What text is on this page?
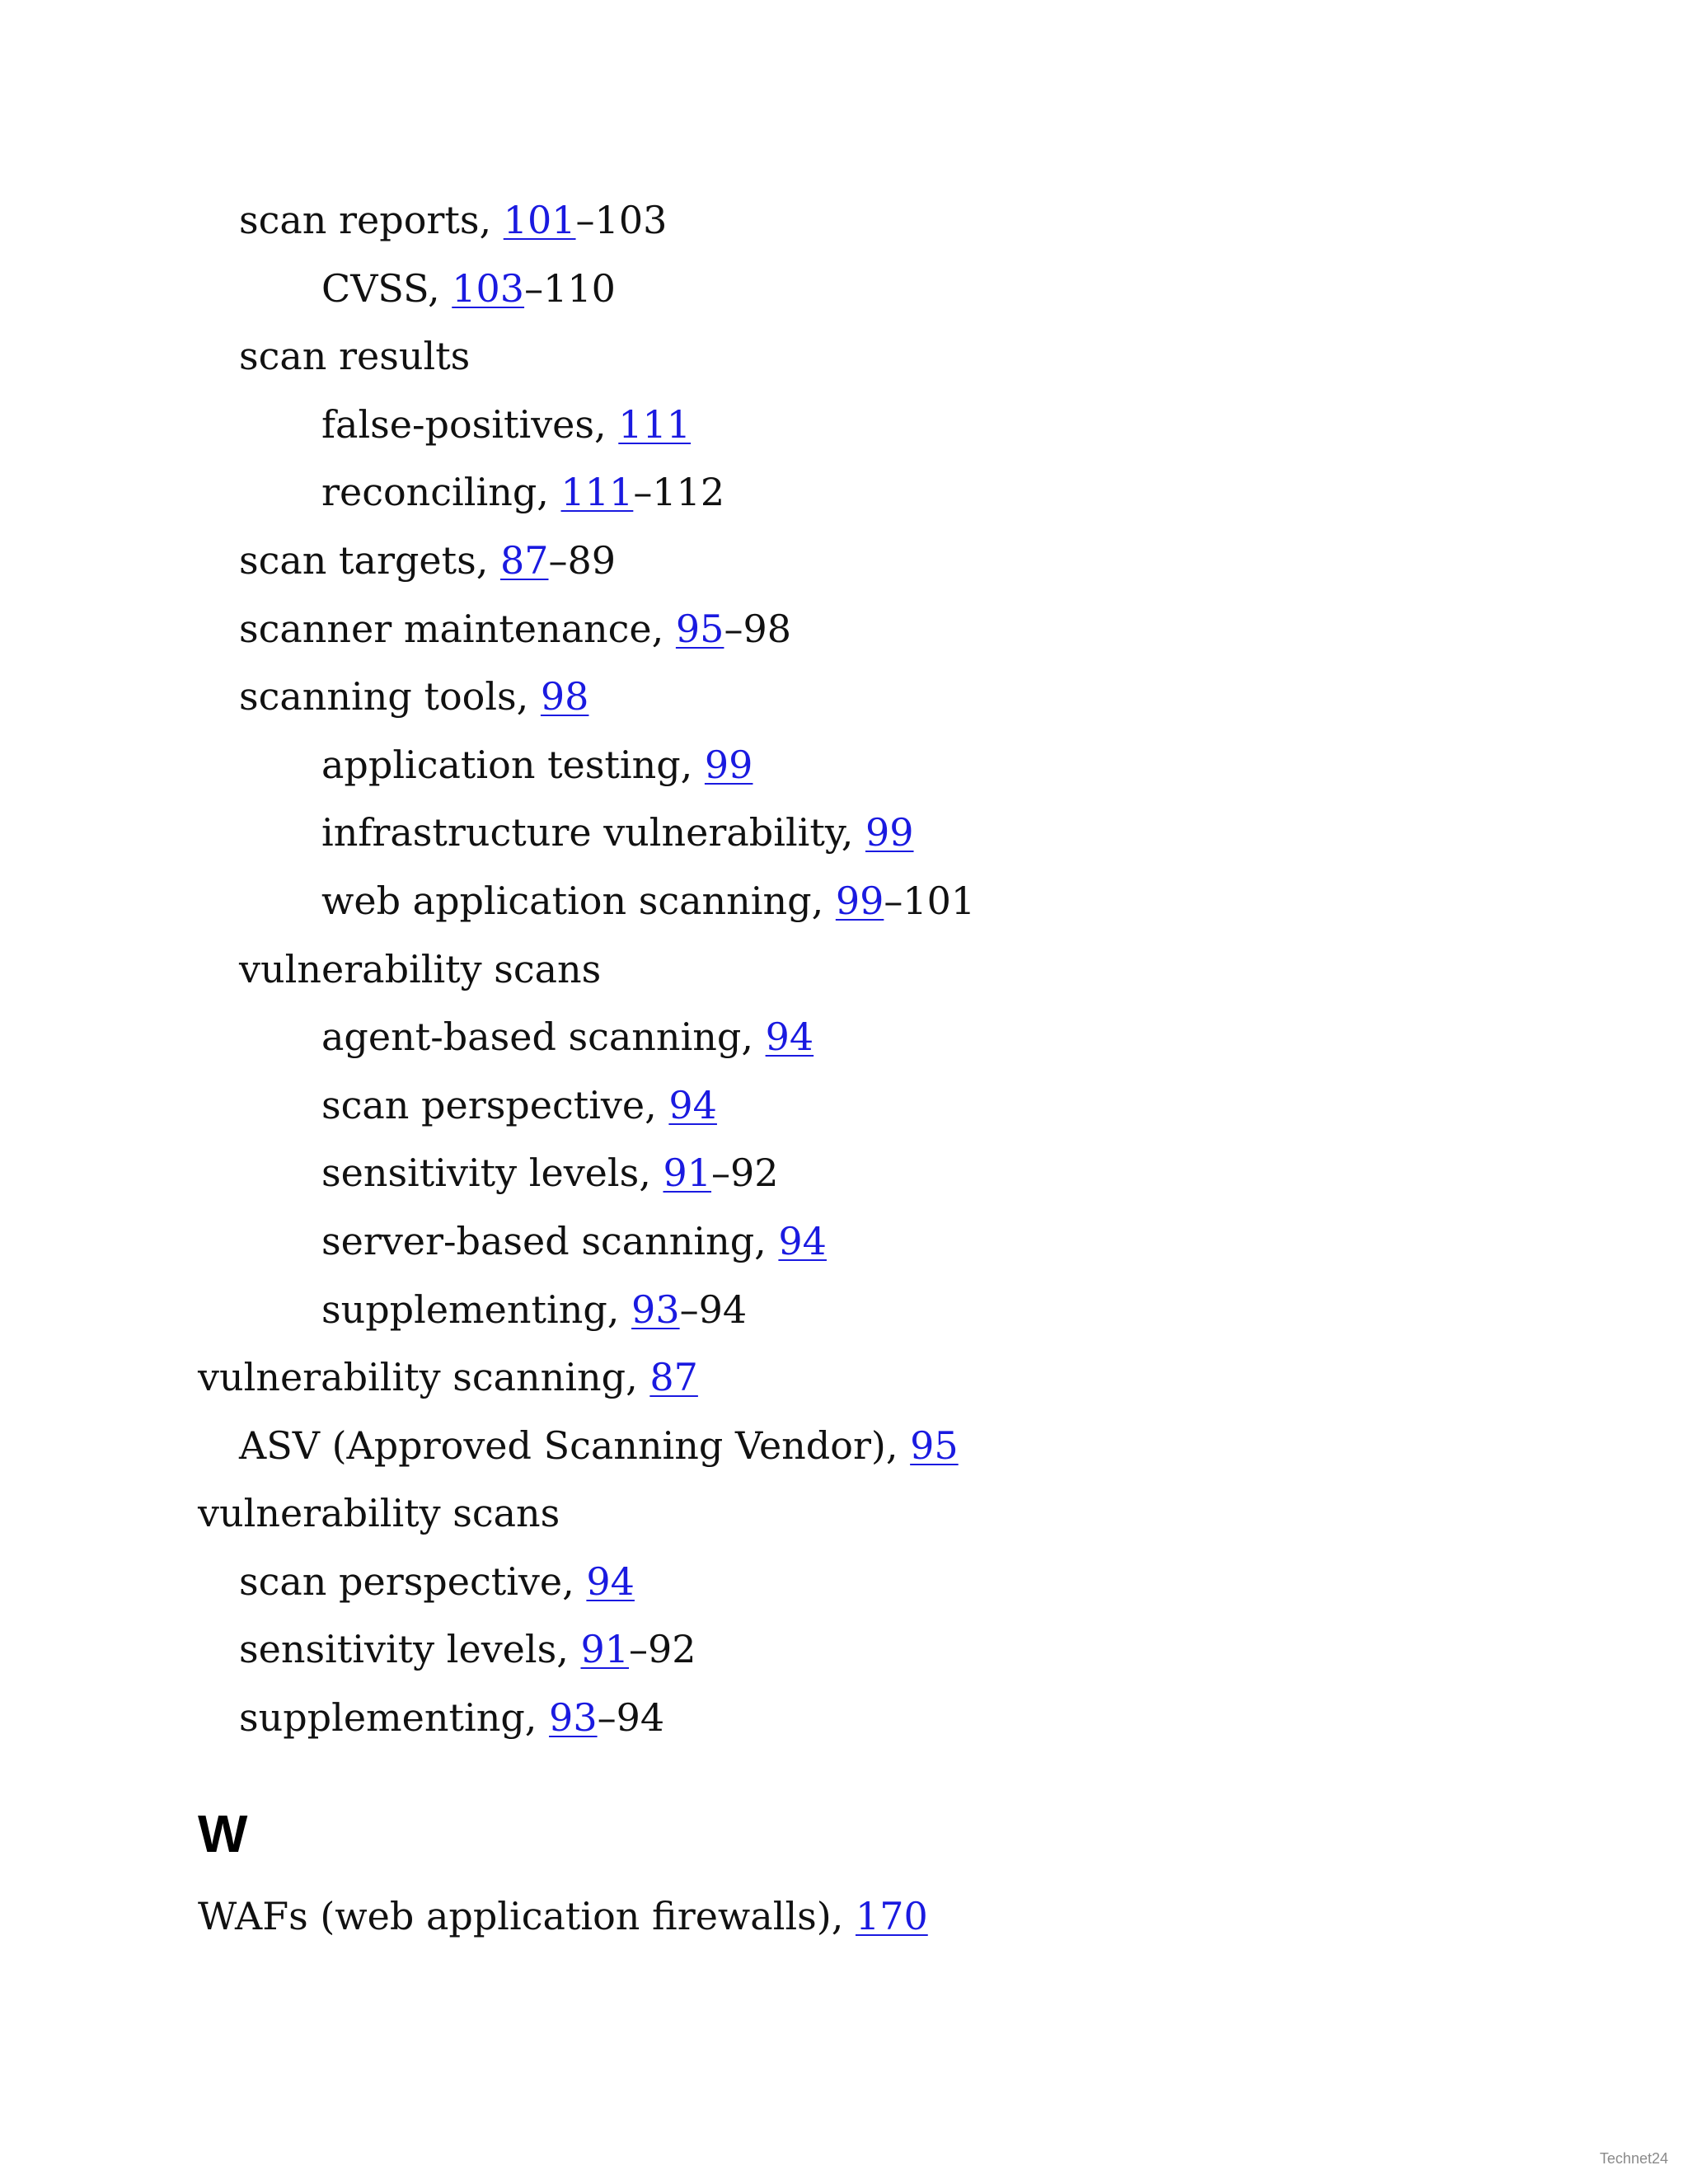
scan reports, 101–103
CVSS, 103–110
scan results
false-positives, 111
reconciling, 111–112
scan targets, 87–89
scanner maintenance, 95–98
scanning tools, 98
application testing, 99
infrastructure vulnerability, 99
web application scanning, 99–101
vulnerability scans
agent-based scanning, 94
scan perspective, 94
sensitivity levels, 91–92
server-based scanning, 94
supplementing, 93–94
vulnerability scanning, 87
ASV (Approved Scanning Vendor), 95
vulnerability scans
scan perspective, 94
sensitivity levels, 91–92
supplementing, 93–94
W
WAFs (web application firewalls), 170
Technet24
